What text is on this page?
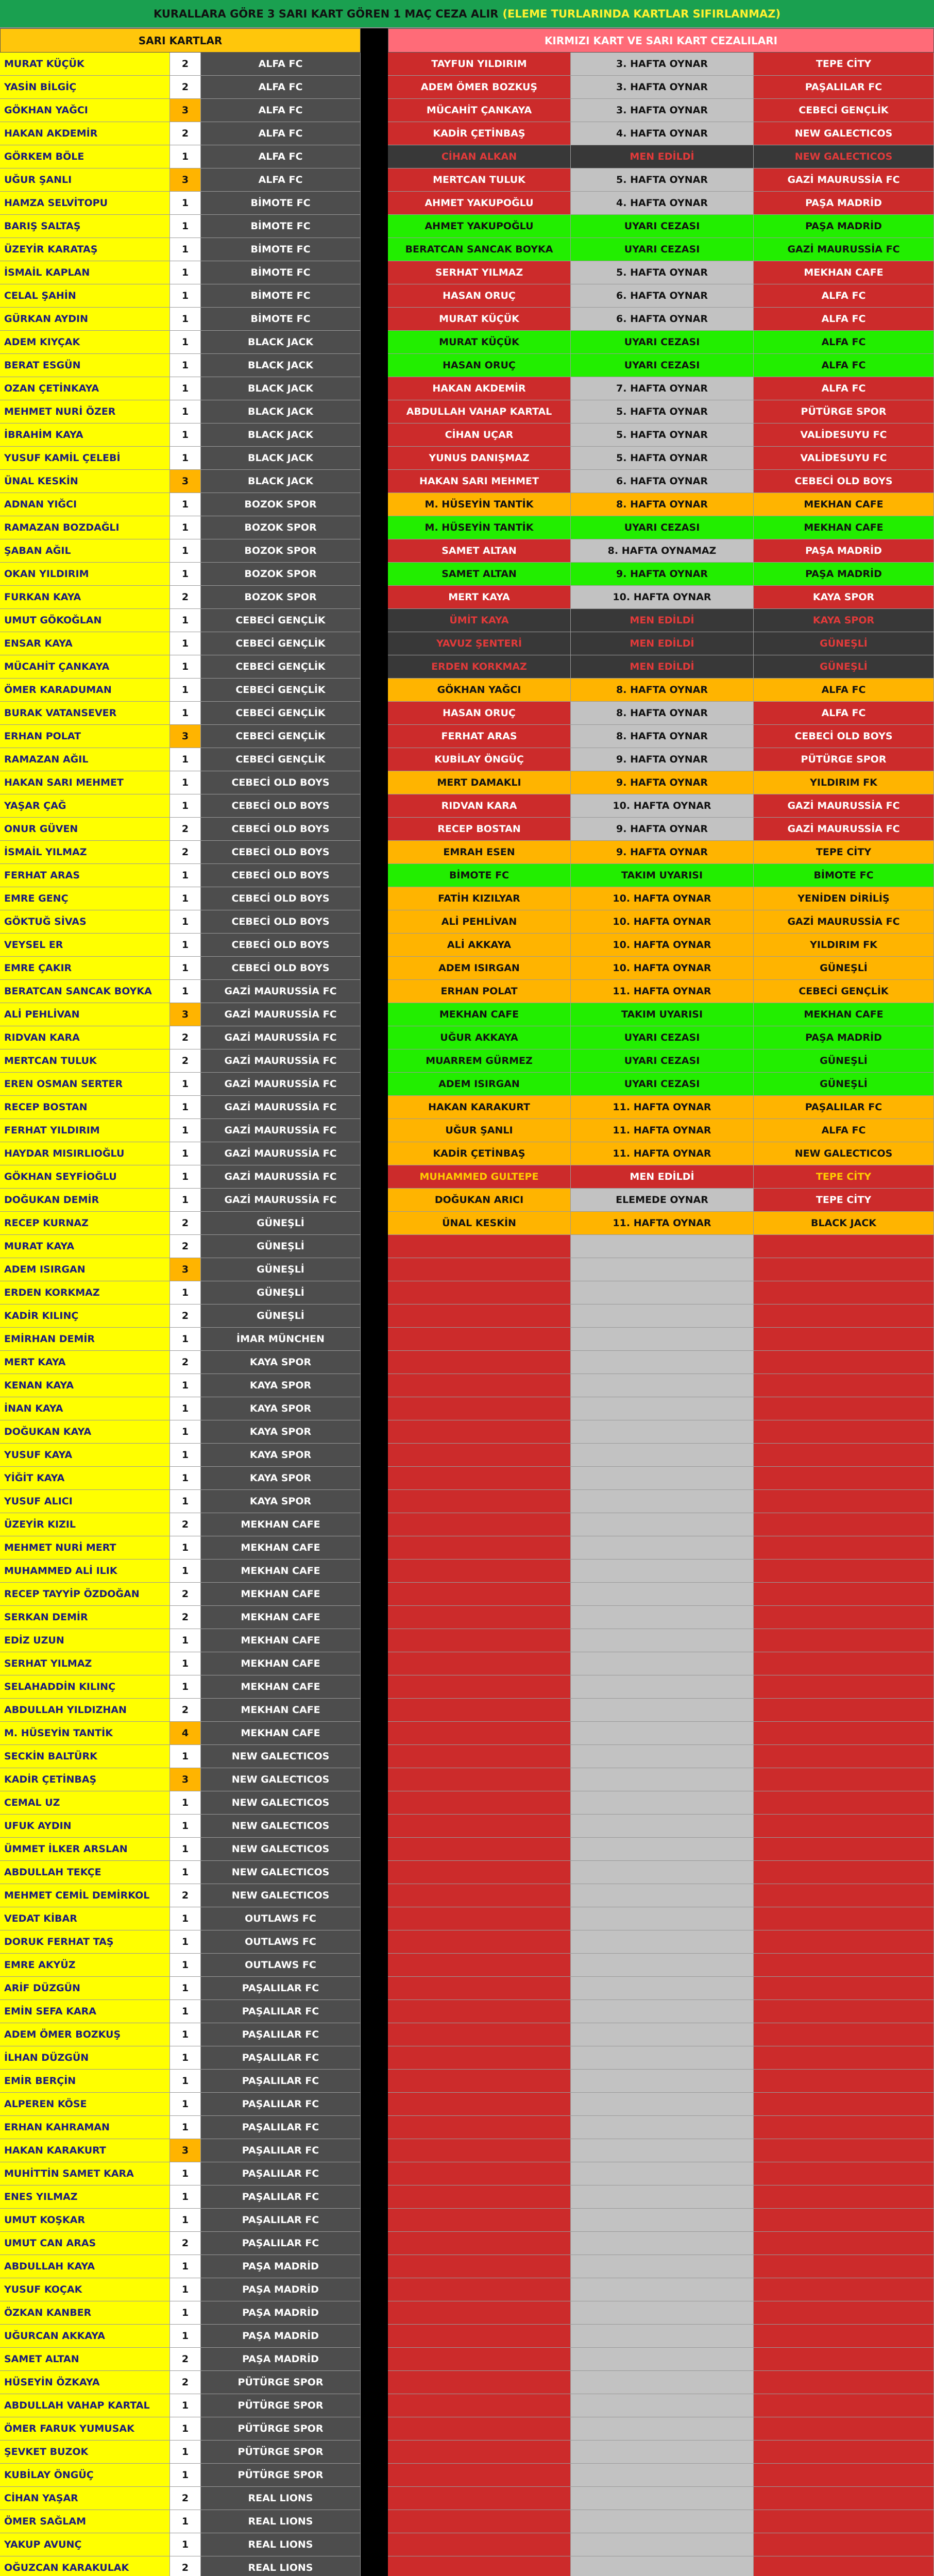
KURALLARA GÖRE 3 SARI KART GÖREN 1 MAÇ CEZA ALIR (ELEME TURLARINDA KARTLAR SIFIRLANMAZ)
SARI KARTLAR	KIRMIZI KART VE SARI KART CEZALILARI
MURAT KÜÇÜK	2	ALFA FC	TAYFUN YILDIRIM	3. HAFTA OYNAR	TEPE CİTY
YASİN BİLGİÇ	2	ALFA FC	ADEM ÖMER BOZKUŞ	3. HAFTA OYNAR	PAŞALILAR FC
GÖKHAN YAĞCI	3	ALFA FC	MÜCAHİT ÇANKAYA	3. HAFTA OYNAR	CEBECİ GENÇLİK
HAKAN AKDEMİR	2	ALFA FC	KADİR ÇETİNBAŞ	4. HAFTA OYNAR	NEW GALECTICOS
GÖRKEM BÖLE	1	ALFA FC	CİHAN ALKAN	MEN EDİLDİ	NEW GALECTICOS
UĞUR ŞANLI	3	ALFA FC	MERTCAN TULUK	5. HAFTA OYNAR	GAZİ MAURUSSİA FC
HAMZA SELVİTOPU	1	BİMOTE FC	AHMET YAKUPOĞLU	4. HAFTA OYNAR	PAŞA MADRİD
BARIŞ SALTAŞ	1	BİMOTE FC	AHMET YAKUPOĞLU	UYARI CEZASI	PAŞA MADRİD
ÜZEYİR KARATAŞ	1	BİMOTE FC	BERATCAN SANCAK BOYKA	UYARI CEZASI	GAZİ MAURUSSİA FC
İSMAİL KAPLAN	1	BİMOTE FC	SERHAT YILMAZ	5. HAFTA OYNAR	MEKHAN CAFE
CELAL ŞAHİN	1	BİMOTE FC	HASAN ORUÇ	6. HAFTA OYNAR	ALFA FC
GÜRKAN AYDIN	1	BİMOTE FC	MURAT KÜÇÜK	6. HAFTA OYNAR	ALFA FC
ADEM KIYÇAK	1	BLACK JACK	MURAT KÜÇÜK	UYARI CEZASI	ALFA FC
BERAT ESGÜN	1	BLACK JACK	HASAN ORUÇ	UYARI CEZASI	ALFA FC
OZAN ÇETİNKAYA	1	BLACK JACK	HAKAN AKDEMİR	7. HAFTA OYNAR	ALFA FC
MEHMET NURİ ÖZER	1	BLACK JACK	ABDULLAH VAHAP KARTAL	5. HAFTA OYNAR	PÜTÜRGE SPOR
İBRAHİM KAYA	1	BLACK JACK	CİHAN UÇAR	5. HAFTA OYNAR	VALİDESUYU FC
YUSUF KAMİL ÇELEBİ	1	BLACK JACK	YUNUS DANIŞMAZ	5. HAFTA OYNAR	VALİDESUYU FC
ÜNAL KESKİN	3	BLACK JACK	HAKAN SARI MEHMET	6. HAFTA OYNAR	CEBECİ OLD BOYS
ADNAN YIĞCI	1	BOZOK SPOR	M. HÜSEYİN TANTİK	8. HAFTA OYNAR	MEKHAN CAFE
RAMAZAN BOZDAĞLI	1	BOZOK SPOR	M. HÜSEYİN TANTİK	UYARI CEZASI	MEKHAN CAFE
ŞABAN AĞIL	1	BOZOK SPOR	SAMET ALTAN	8. HAFTA OYNAMAZ	PAŞA MADRİD
OKAN YILDIRIM	1	BOZOK SPOR	SAMET ALTAN	9. HAFTA OYNAR	PAŞA MADRİD
FURKAN KAYA	2	BOZOK SPOR	MERT KAYA	10. HAFTA OYNAR	KAYA SPOR
UMUT GÖKOĞLAN	1	CEBECİ GENÇLİK	ÜMİT KAYA	MEN EDİLDİ	KAYA SPOR
ENSAR KAYA	1	CEBECİ GENÇLİK	YAVUZ ŞENTERİ	MEN EDİLDİ	GÜNEŞLİ
MÜCAHİT ÇANKAYA	1	CEBECİ GENÇLİK	ERDEN KORKMAZ	MEN EDİLDİ	GÜNEŞLİ
ÖMER KARADUMAN	1	CEBECİ GENÇLİK	GÖKHAN YAĞCI	8. HAFTA OYNAR	ALFA FC
BURAK VATANSEVER	1	CEBECİ GENÇLİK	HASAN ORUÇ	8. HAFTA OYNAR	ALFA FC
ERHAN POLAT	3	CEBECİ GENÇLİK	FERHAT ARAS	8. HAFTA OYNAR	CEBECİ OLD BOYS
RAMAZAN AĞIL	1	CEBECİ GENÇLİK	KUBİLAY ÖNGÜÇ	9. HAFTA OYNAR	PÜTÜRGE SPOR
HAKAN SARI MEHMET	1	CEBECİ OLD BOYS	MERT DAMAKLI	9. HAFTA OYNAR	YILDIRIM FK
YAŞAR ÇAĞ	1	CEBECİ OLD BOYS	RIDVAN KARA	10. HAFTA OYNAR	GAZİ MAURUSSİA FC
ONUR GÜVEN	2	CEBECİ OLD BOYS	RECEP BOSTAN	9. HAFTA OYNAR	GAZİ MAURUSSİA FC
İSMAİL YILMAZ	2	CEBECİ OLD BOYS	EMRAH ESEN	9. HAFTA OYNAR	TEPE CİTY
FERHAT ARAS	1	CEBECİ OLD BOYS	BİMOTE FC	TAKIM UYARISI	BİMOTE FC
EMRE GENÇ	1	CEBECİ OLD BOYS	FATİH KIZILYAR	10. HAFTA OYNAR	YENİDEN DİRİLİŞ
GÖKTUĞ SİVAS	1	CEBECİ OLD BOYS	ALİ PEHLİVAN	10. HAFTA OYNAR	GAZİ MAURUSSİA FC
VEYSEL ER	1	CEBECİ OLD BOYS	ALİ AKKAYA	10. HAFTA OYNAR	YILDIRIM FK
EMRE ÇAKIR	1	CEBECİ OLD BOYS	ADEM ISIRGAN	10. HAFTA OYNAR	GÜNEŞLİ
BERATCAN SANCAK BOYKA	1	GAZİ MAURUSSİA FC	ERHAN POLAT	11. HAFTA OYNAR	CEBECİ GENÇLİK
ALİ PEHLİVAN	3	GAZİ MAURUSSİA FC	MEKHAN CAFE	TAKIM UYARISI	MEKHAN CAFE
RIDVAN KARA	2	GAZİ MAURUSSİA FC	UĞUR AKKAYA	UYARI CEZASI	PAŞA MADRİD
MERTCAN TULUK	2	GAZİ MAURUSSİA FC	MUARREM GÜRMEZ	UYARI CEZASI	GÜNEŞLİ
EREN OSMAN SERTER	1	GAZİ MAURUSSİA FC	ADEM ISIRGAN	UYARI CEZASI	GÜNEŞLİ
RECEP BOSTAN	1	GAZİ MAURUSSİA FC	HAKAN KARAKURT	11. HAFTA OYNAR	PAŞALILAR FC
FERHAT YILDIRIM	1	GAZİ MAURUSSİA FC	UĞUR ŞANLI	11. HAFTA OYNAR	ALFA FC
HAYDAR MISIRLIOĞLU	1	GAZİ MAURUSSİA FC	KADİR ÇETİNBAŞ	11. HAFTA OYNAR	NEW GALECTICOS
GÖKHAN SEYFİOĞLU	1	GAZİ MAURUSSİA FC	MUHAMMED GULTEPE	MEN EDİLDİ	TEPE CİTY
DOĞUKAN DEMİR	1	GAZİ MAURUSSİA FC	DOĞUKAN ARICI	ELEMEDE OYNAR	TEPE CİTY
RECEP KURNAZ	2	GÜNEŞLİ	ÜNAL KESKİN	11. HAFTA OYNAR	BLACK JACK
MURAT KAYA	2	GÜNEŞLİ
ADEM ISIRGAN	3	GÜNEŞLİ
ERDEN KORKMAZ	1	GÜNEŞLİ
KADİR KILINÇ	2	GÜNEŞLİ
EMİRHAN DEMİR	1	İMAR MÜNCHEN
MERT KAYA	2	KAYA SPOR
KENAN KAYA	1	KAYA SPOR
İNAN KAYA	1	KAYA SPOR
DOĞUKAN KAYA	1	KAYA SPOR
YUSUF KAYA	1	KAYA SPOR
YİĞİT KAYA	1	KAYA SPOR
YUSUF ALICI	1	KAYA SPOR
ÜZEYİR KIZIL	2	MEKHAN CAFE
MEHMET NURİ MERT	1	MEKHAN CAFE
MUHAMMED ALİ ILIK	1	MEKHAN CAFE
RECEP TAYYİP ÖZDOĞAN	2	MEKHAN CAFE
SERKAN DEMİR	2	MEKHAN CAFE
EDİZ UZUN	1	MEKHAN CAFE
SERHAT YILMAZ	1	MEKHAN CAFE
SELAHADDİN KILINÇ	1	MEKHAN CAFE
ABDULLAH YILDIZHAN	2	MEKHAN CAFE
M. HÜSEYİN TANTİK	4	MEKHAN CAFE
SECKİN BALTÜRK	1	NEW GALECTICOS
KADİR ÇETİNBAŞ	3	NEW GALECTICOS
CEMAL UZ	1	NEW GALECTICOS
UFUK AYDIN	1	NEW GALECTICOS
ÜMMET İLKER ARSLAN	1	NEW GALECTICOS
ABDULLAH TEKÇE	1	NEW GALECTICOS
MEHMET CEMİL DEMİRKOL	2	NEW GALECTICOS
VEDAT KİBAR	1	OUTLAWS FC
DORUK FERHAT TAŞ	1	OUTLAWS FC
EMRE AKYÜZ	1	OUTLAWS FC
ARİF DÜZGÜN	1	PAŞALILAR FC
EMİN SEFA KARA	1	PAŞALILAR FC
ADEM ÖMER BOZKUŞ	1	PAŞALILAR FC
İLHAN DÜZGÜN	1	PAŞALILAR FC
EMİR BERÇİN	1	PAŞALILAR FC
ALPEREN KÖSE	1	PAŞALILAR FC
ERHAN KAHRAMAN	1	PAŞALILAR FC
HAKAN KARAKURT	3	PAŞALILAR FC
MUHİTTİN SAMET KARA	1	PAŞALILAR FC
ENES YILMAZ	1	PAŞALILAR FC
UMUT KOŞKAR	1	PAŞALILAR FC
UMUT CAN ARAS	2	PAŞALILAR FC
ABDULLAH KAYA	1	PAŞA MADRİD
YUSUF KOÇAK	1	PAŞA MADRİD
ÖZKAN KANBER	1	PAŞA MADRİD
UĞURCAN AKKAYA	1	PAŞA MADRİD
SAMET ALTAN	2	PAŞA MADRİD
HÜSEYİN ÖZKAYA	2	PÜTÜRGE SPOR
ABDULLAH VAHAP KARTAL	1	PÜTÜRGE SPOR
ÖMER FARUK YUMUSAK	1	PÜTÜRGE SPOR
ŞEVKET BUZOK	1	PÜTÜRGE SPOR
KUBİLAY ÖNGÜÇ	1	PÜTÜRGE SPOR
CİHAN YAŞAR	2	REAL LIONS
ÖMER SAĞLAM	1	REAL LIONS
YAKUP AVUNÇ	1	REAL LIONS
OĞUZCAN KARAKULAK	2	REAL LIONS
